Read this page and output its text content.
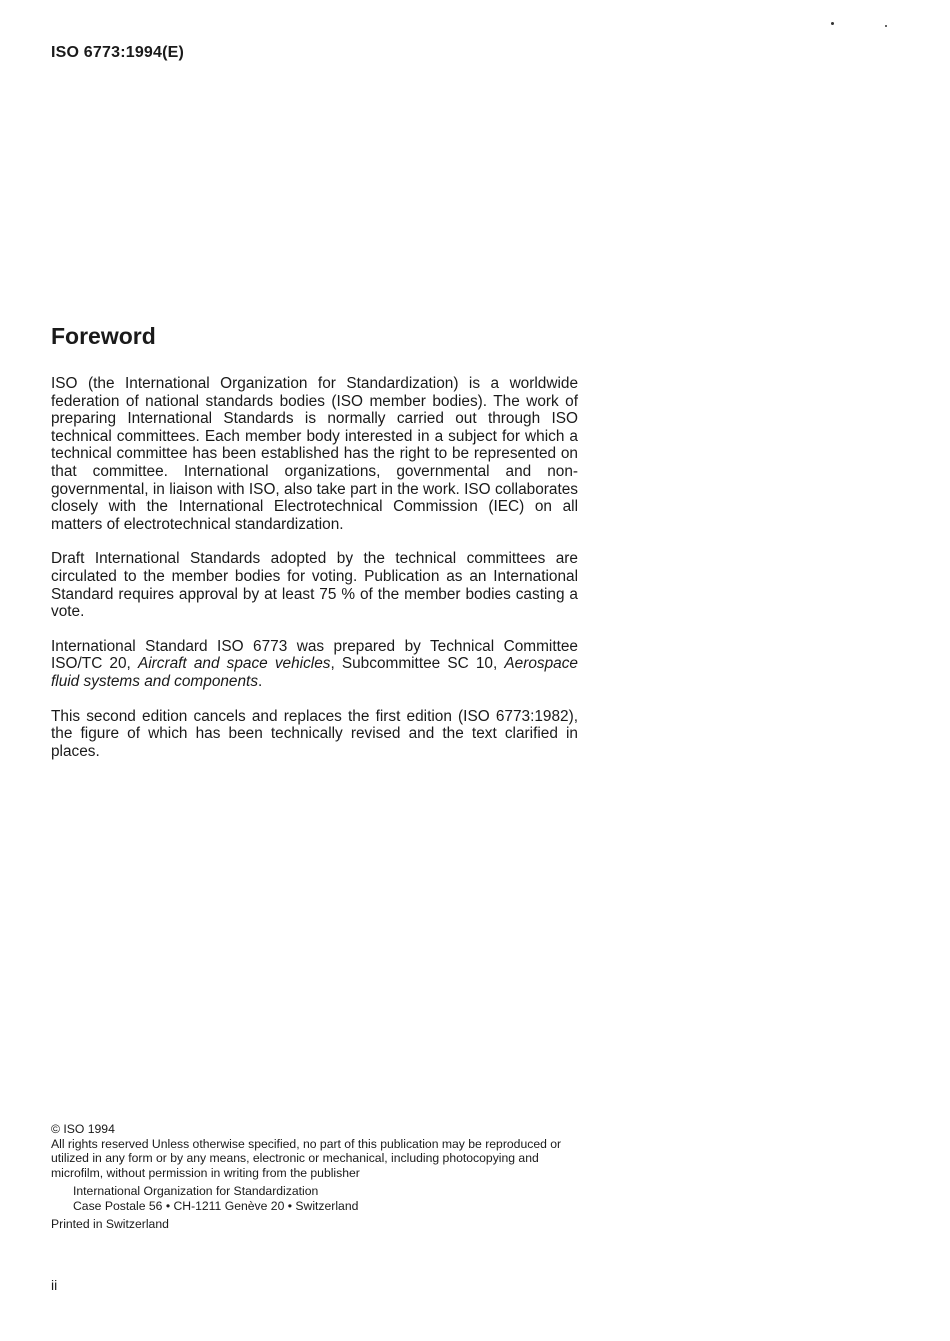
ISO 6773:1994(E)
Foreword

ISO (the International Organization for Standardization) is a worldwide federation of national standards bodies (ISO member bodies). The work of preparing International Standards is normally carried out through ISO technical committees. Each member body interested in a subject for which a technical committee has been established has the right to be represented on that committee. International organizations, governmental and non-governmental, in liaison with ISO, also take part in the work. ISO collaborates closely with the International Electrotechnical Commission (IEC) on all matters of electrotechnical standardization.

Draft International Standards adopted by the technical committees are circulated to the member bodies for voting. Publication as an International Standard requires approval by at least 75 % of the member bodies casting a vote.

International Standard ISO 6773 was prepared by Technical Committee ISO/TC 20, Aircraft and space vehicles, Subcommittee SC 10, Aerospace fluid systems and components.

This second edition cancels and replaces the first edition (ISO 6773:1982), the figure of which has been technically revised and the text clarified in places.

© ISO 1994
All rights reserved Unless otherwise specified, no part of this publication may be reproduced or utilized in any form or by any means, electronic or mechanical, including photocopying and microfilm, without permission in writing from the publisher
International Organization for Standardization
Case Postale 56 • CH-1211 Genève 20 • Switzerland
Printed in Switzerland
ii
